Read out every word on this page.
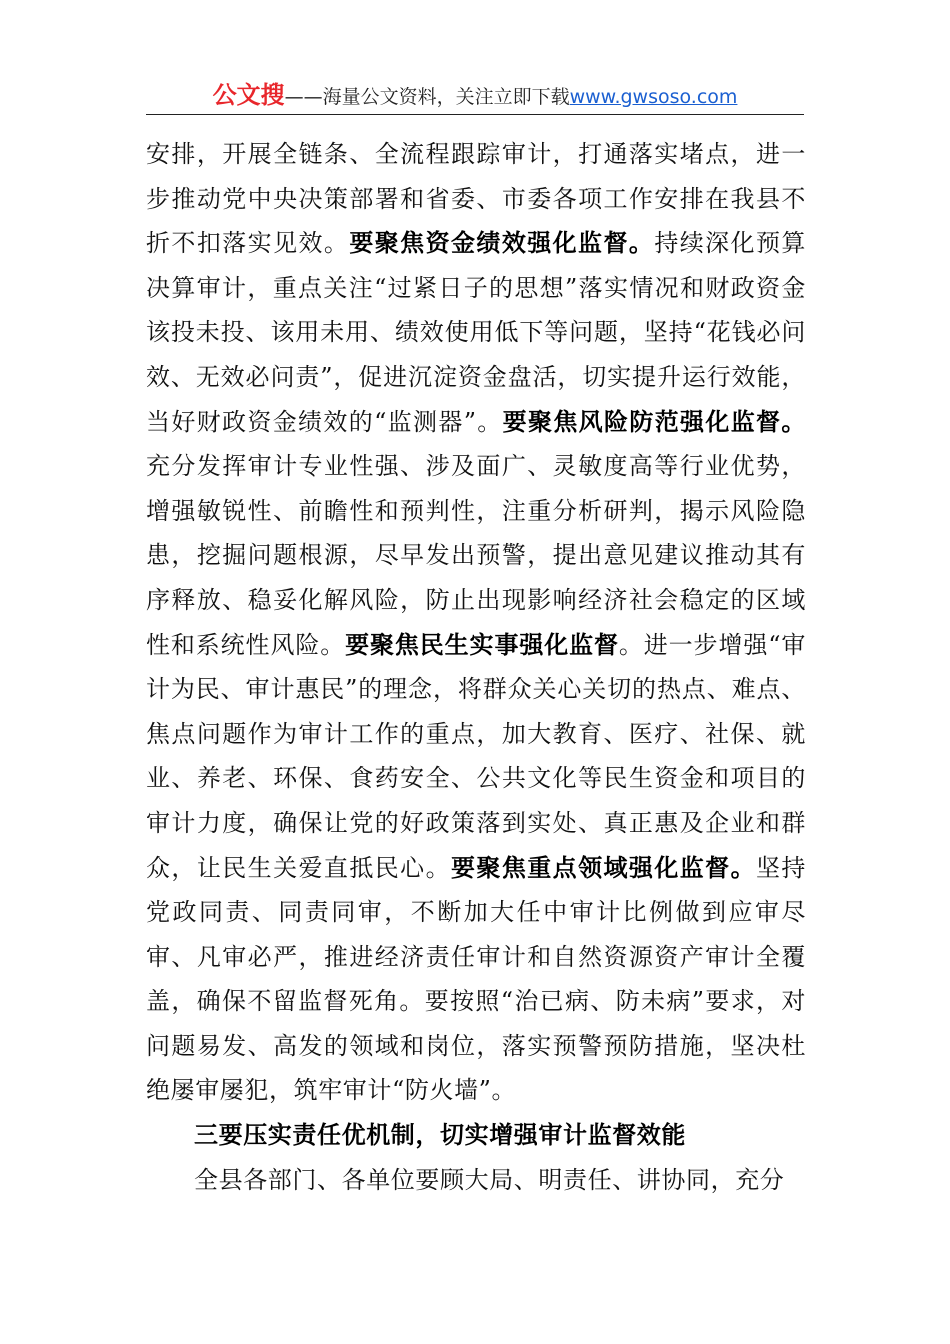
公文搜——海量公文资料，关注立即下载www.gwsoso.com

安排，开展全链条、全流程跟踪审计，打通落实堵点，进一步推动党中央决策部署和省委、市委各项工作安排在我县不折不扣落实见效。要聚焦资金绩效强化监督。持续深化预算决算审计，重点关注“过紧日子的思想”落实情况和财政资金该投未投、该用未用、绩效使用低下等问题，坚持“花钱必问效、无效必问责”，促进沉淀资金盘活，切实提升运行效能，当好财政资金绩效的“监测器”。要聚焦风险防范强化监督。充分发挥审计专业性强、涉及面广、灵敏度高等行业优势，增强敏锐性、前瞻性和预判性，注重分析研判，揭示风险隐患，挖掘问题根源，尽早发出预警，提出意见建议推动其有序释放、稳妥化解风险，防止出现影响经济社会稳定的区域性和系统性风险。要聚焦民生实事强化监督。进一步增强“审计为民、审计惠民”的理念，将群众关心关切的热点、难点、焦点问题作为审计工作的重点，加大教育、医疗、社保、就业、养老、环保、食药安全、公共文化等民生资金和项目的审计力度，确保让党的好政策落到实处、真正惠及企业和群众，让民生关爱直抵民心。要聚焦重点领域强化监督。坚持党政同责、同责同审，不断加大任中审计比例做到应审尽审、凡审必严，推进经济责任审计和自然资源资产审计全覆盖，确保不留监督死角。要按照“治已病、防未病”要求，对问题易发、高发的领域和岗位，落实预警预防措施，坚决杜绝屡审屡犯，筑牢审计“防火墙”。

三要压实责任优机制，切实增强审计监督效能

全县各部门、各单位要顾大局、明责任、讲协同，充分
